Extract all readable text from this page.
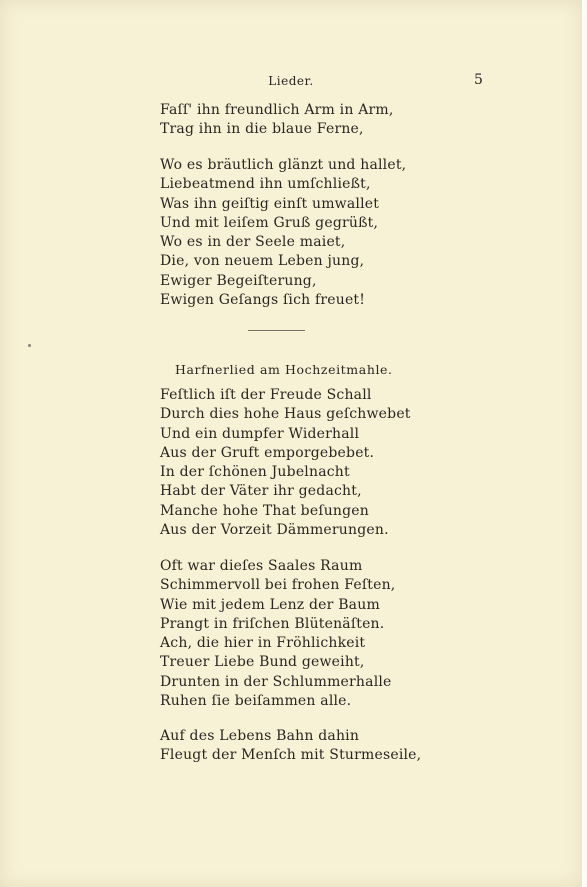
Lieder.	5
Faſſ' ihn freundlich Arm in Arm,
Trag ihn in die blaue Ferne,
Wo es bräutlich glänzt und hallet,
Liebeatmend ihn umſchließt,
Was ihn geiſtig einſt umwallet
Und mit leiſem Gruß gegrüßt,
Wo es in der Seele maiet,
Die, von neuem Leben jung,
Ewiger Begeiſterung,
Ewigen Geſangs ſich freuet!
Harfnerlied am Hochzeitmahle.
Feſtlich iſt der Freude Schall
Durch dies hohe Haus geſchwebet
Und ein dumpfer Widerhall
Aus der Gruft emporgebebet.
In der ſchönen Jubelnacht
Habt der Väter ihr gedacht,
Manche hohe That beſungen
Aus der Vorzeit Dämmerungen.
Oft war dieſes Saales Raum
Schimmervoll bei frohen Feſten,
Wie mit jedem Lenz der Baum
Prangt in friſchen Blütenäſten.
Ach, die hier in Fröhlichkeit
Treuer Liebe Bund geweiht,
Drunten in der Schlummerhalle
Ruhen ſie beiſammen alle.
Auf des Lebens Bahn dahin
Fleugt der Menſch mit Sturmeseile,
